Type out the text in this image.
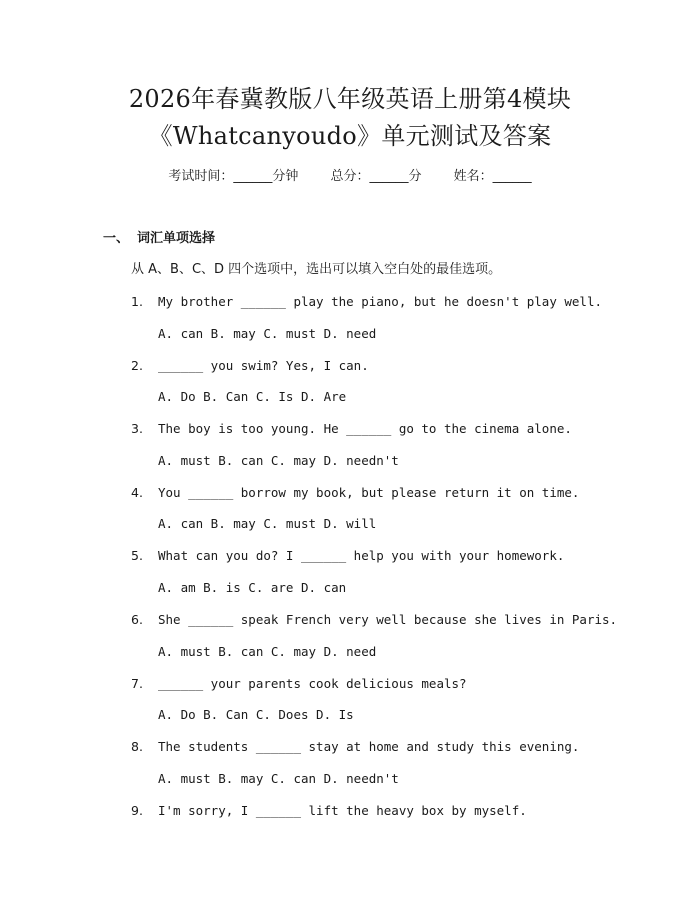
2026年春冀教版八年级英语上册第4模块
《Whatcanyoudo》单元测试及答案
考试时间：______分钟 总分：______分 姓名：______
一、 词汇单项选择
从 A、B、C、D 四个选项中，选出可以填入空白处的最佳选项。
1. My brother ______ play the piano, but he doesn't play well.
A. can B. may C. must D. need
2. ______ you swim? Yes, I can.
A. Do B. Can C. Is D. Are
3. The boy is too young. He ______ go to the cinema alone.
A. must B. can C. may D. needn't
4. You ______ borrow my book, but please return it on time.
A. can B. may C. must D. will
5. What can you do? I ______ help you with your homework.
A. am B. is C. are D. can
6. She ______ speak French very well because she lives in Paris.
A. must B. can C. may D. need
7. ______ your parents cook delicious meals?
A. Do B. Can C. Does D. Is
8. The students ______ stay at home and study this evening.
A. must B. may C. can D. needn't
9. I'm sorry, I ______ lift the heavy box by myself.
